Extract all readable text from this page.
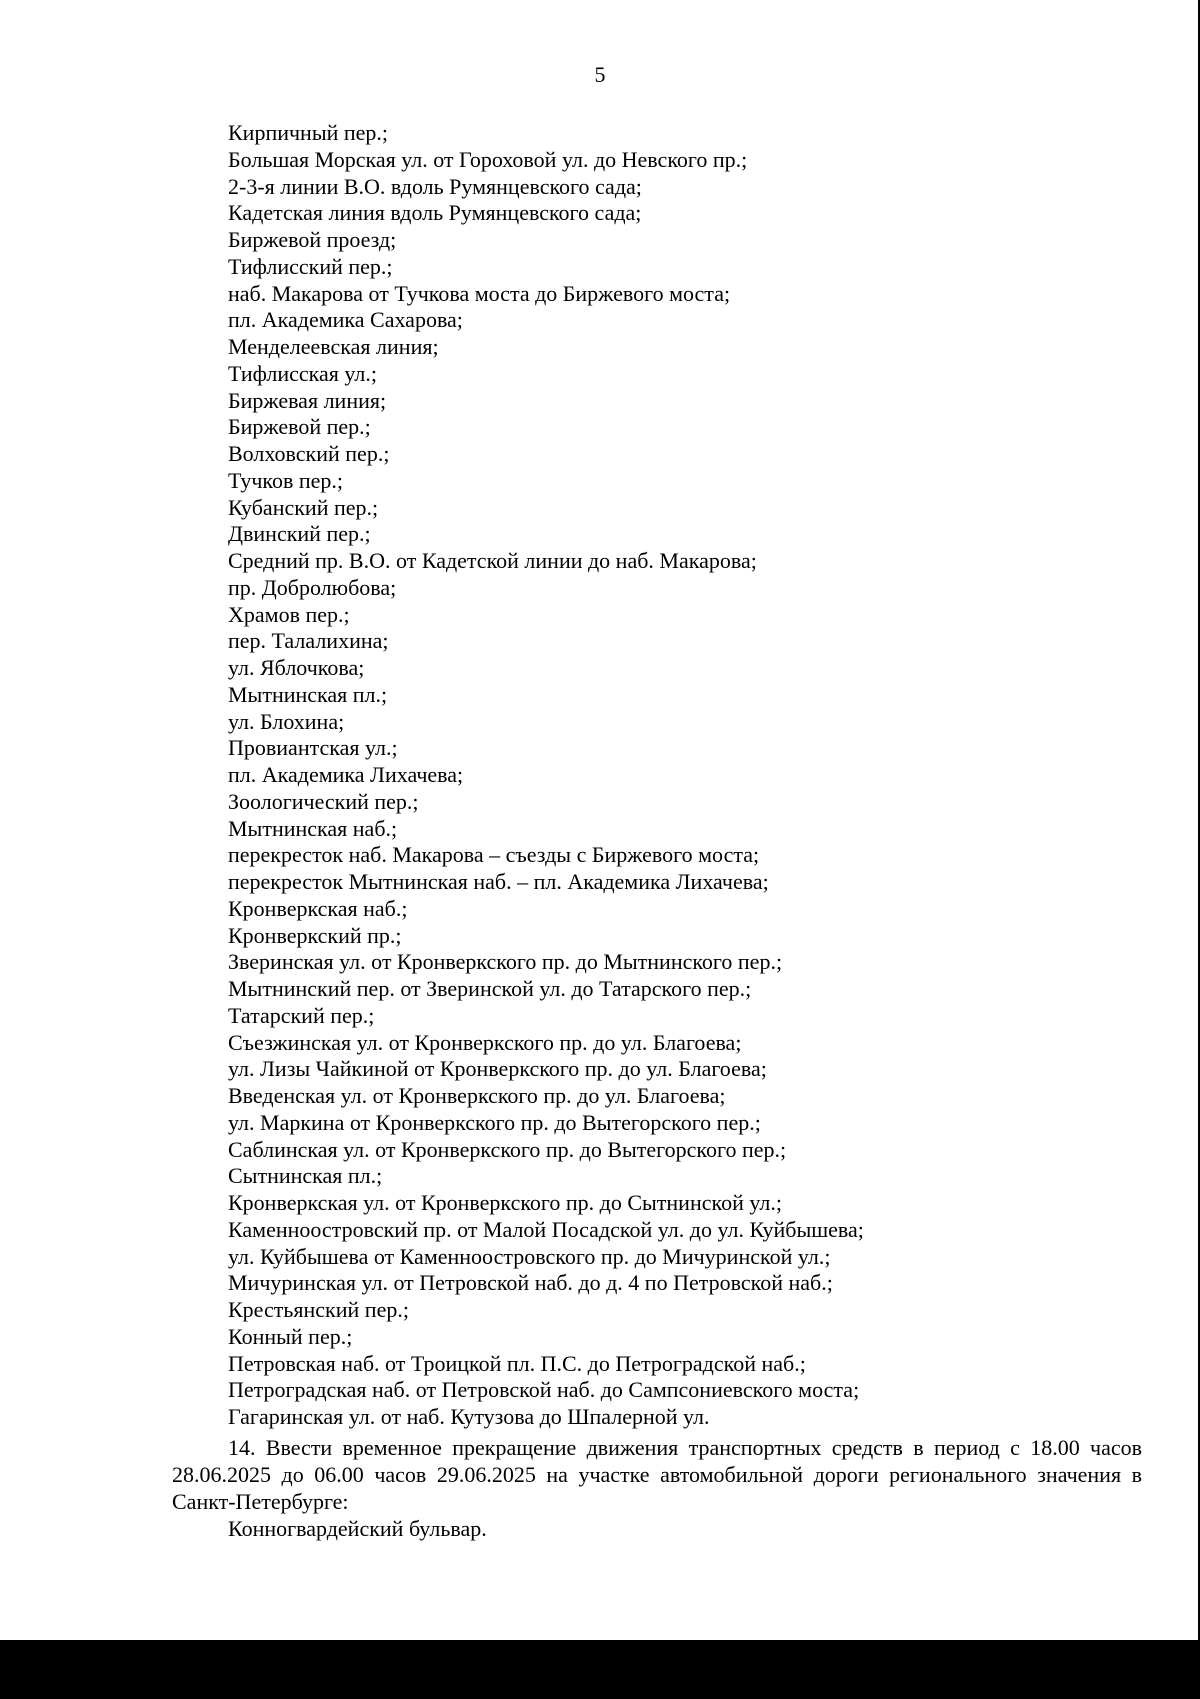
5
Кирпичный пер.;
Большая Морская ул. от Гороховой ул. до Невского пр.;
2-3-я линии В.О. вдоль Румянцевского сада;
Кадетская линия вдоль Румянцевского сада;
Биржевой проезд;
Тифлисский пер.;
наб. Макарова от Тучкова моста до Биржевого моста;
пл. Академика Сахарова;
Менделеевская линия;
Тифлисская ул.;
Биржевая линия;
Биржевой пер.;
Волховский пер.;
Тучков пер.;
Кубанский пер.;
Двинский пер.;
Средний пр. В.О. от Кадетской линии до наб. Макарова;
пр. Добролюбова;
Храмов пер.;
пер. Талалихина;
ул. Яблочкова;
Мытнинская пл.;
ул. Блохина;
Провиантская ул.;
пл. Академика Лихачева;
Зоологический пер.;
Мытнинская наб.;
перекресток наб. Макарова – съезды с Биржевого моста;
перекресток Мытнинская наб. – пл. Академика Лихачева;
Кронверкская наб.;
Кронверкский пр.;
Зверинская ул. от Кронверкского пр. до Мытнинского пер.;
Мытнинский пер. от Зверинской ул. до Татарского пер.;
Татарский пер.;
Съезжинская ул. от Кронверкского пр. до ул. Благоева;
ул. Лизы Чайкиной от Кронверкского пр. до ул. Благоева;
Введенская ул. от Кронверкского пр. до ул. Благоева;
ул. Маркина от Кронверкского пр. до Вытегорского пер.;
Саблинская ул. от Кронверкского пр. до Вытегорского пер.;
Сытнинская пл.;
Кронверкская ул. от Кронверкского пр. до Сытнинской ул.;
Каменноостровский пр. от Малой Посадской ул. до ул. Куйбышева;
ул. Куйбышева от Каменноостровского пр. до Мичуринской ул.;
Мичуринская ул. от Петровской наб. до д. 4 по Петровской наб.;
Крестьянский пер.;
Конный пер.;
Петровская наб. от Троицкой пл. П.С. до Петроградской наб.;
Петроградская наб. от Петровской наб. до Сампсониевского моста;
Гагаринская ул. от наб. Кутузова до Шпалерной ул.

14. Ввести временное прекращение движения транспортных средств в период с 18.00 часов 28.06.2025 до 06.00 часов 29.06.2025 на участке автомобильной дороги регионального значения в Санкт-Петербурге:

Конногвардейский бульвар.
